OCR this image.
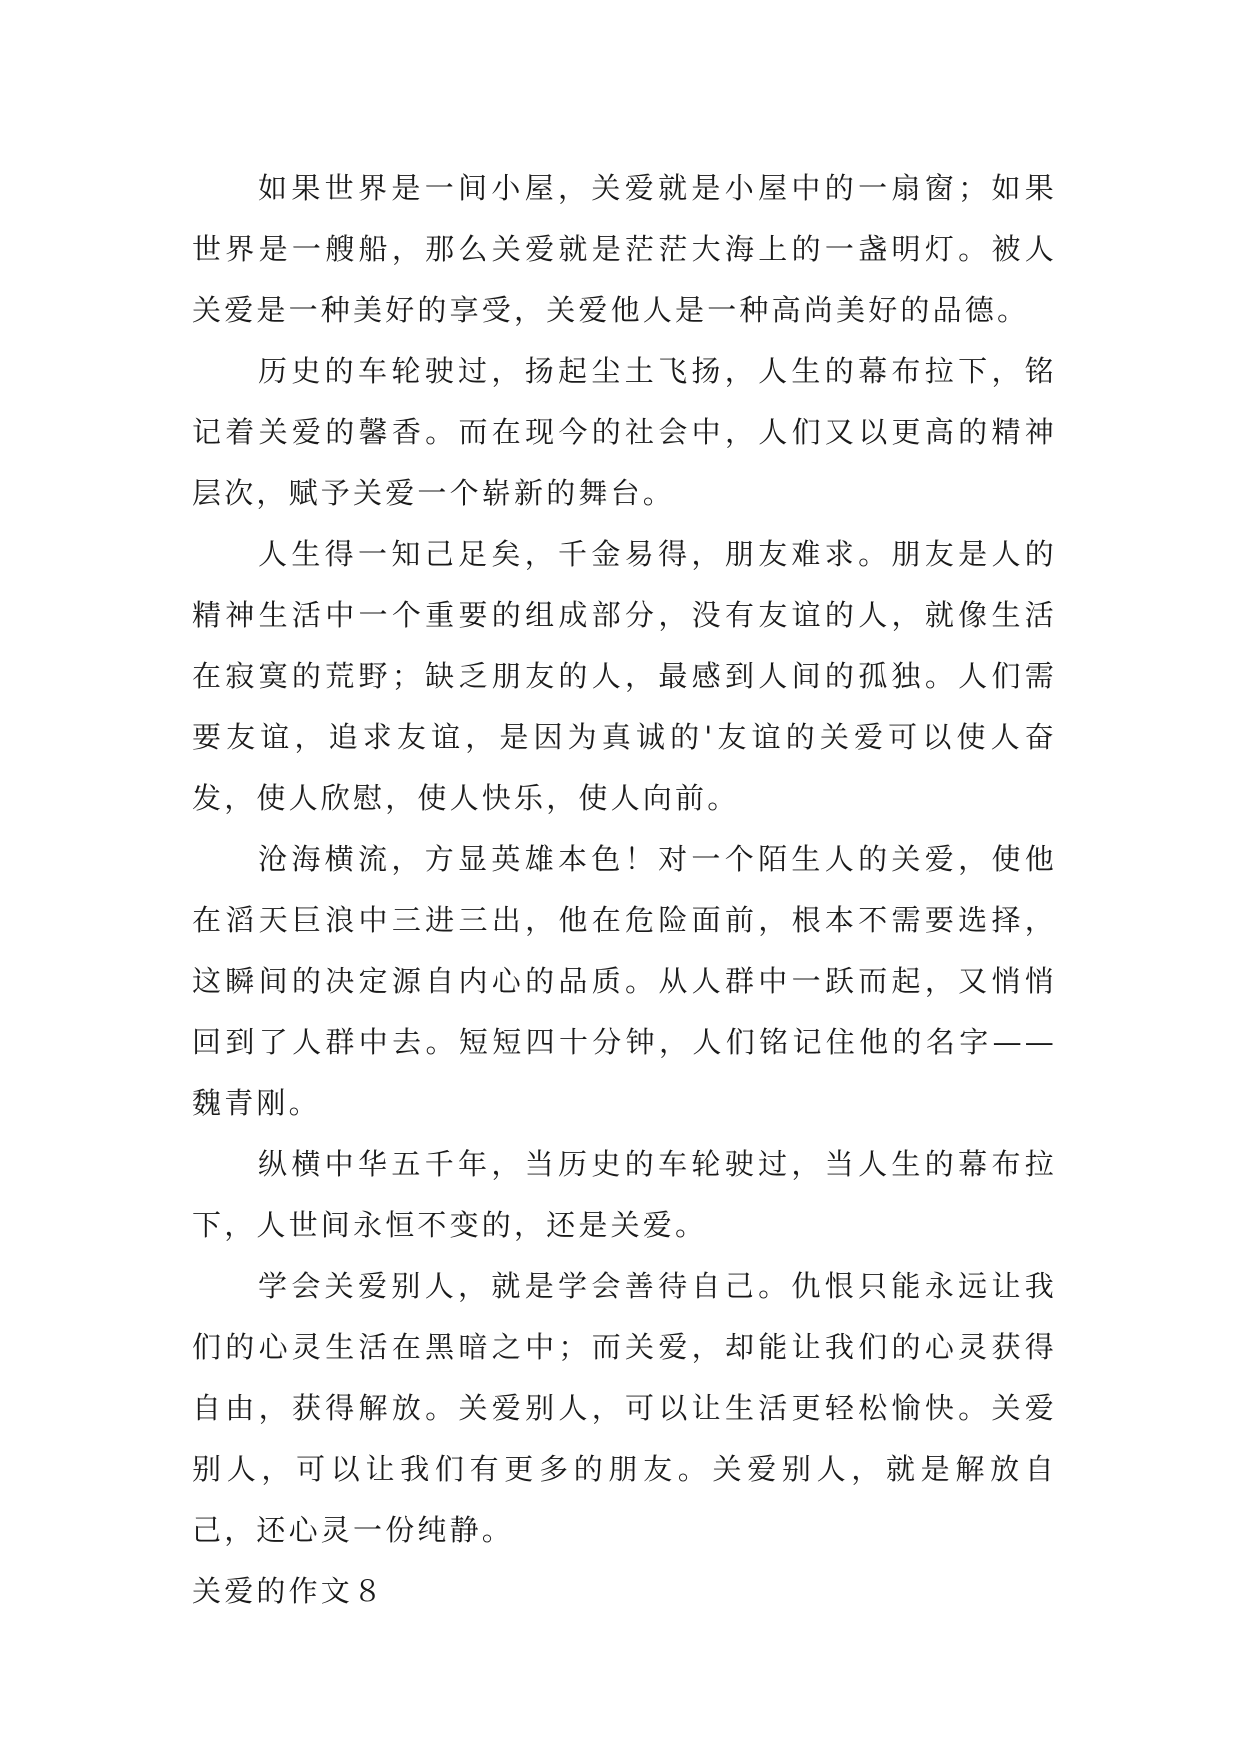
如果世界是一间小屋，关爱就是小屋中的一扇窗；如果世界是一艘船，那么关爱就是茫茫大海上的一盏明灯。被人关爱是一种美好的享受，关爱他人是一种高尚美好的品德。

历史的车轮驶过，扬起尘土飞扬，人生的幕布拉下，铭记着关爱的馨香。而在现今的社会中，人们又以更高的精神层次，赋予关爱一个崭新的舞台。

人生得一知己足矣，千金易得，朋友难求。朋友是人的精神生活中一个重要的组成部分，没有友谊的人，就像生活在寂寞的荒野；缺乏朋友的人，最感到人间的孤独。人们需要友谊，追求友谊，是因为真诚的'友谊的关爱可以使人奋发，使人欣慰，使人快乐，使人向前。

沧海横流，方显英雄本色！对一个陌生人的关爱，使他在滔天巨浪中三进三出，他在危险面前，根本不需要选择，这瞬间的决定源自内心的品质。从人群中一跃而起，又悄悄回到了人群中去。短短四十分钟，人们铭记住他的名字——魏青刚。

纵横中华五千年，当历史的车轮驶过，当人生的幕布拉下，人世间永恒不变的，还是关爱。

学会关爱别人，就是学会善待自己。仇恨只能永远让我们的心灵生活在黑暗之中；而关爱，却能让我们的心灵获得自由，获得解放。关爱别人，可以让生活更轻松愉快。关爱别人，可以让我们有更多的朋友。关爱别人，就是解放自己，还心灵一份纯静。

关爱的作文８
